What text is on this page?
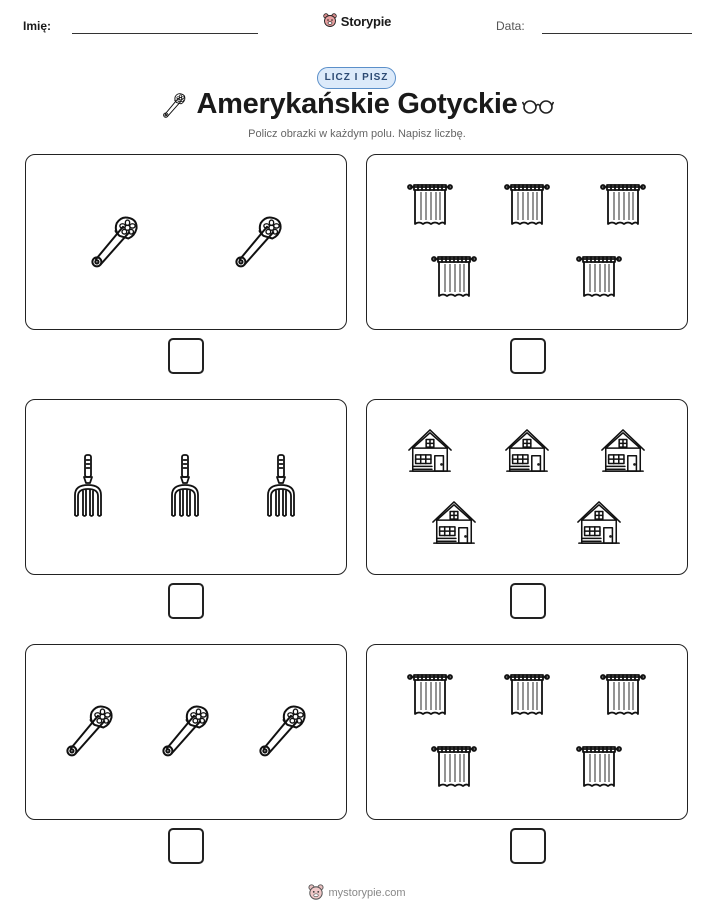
Imię:	Storypie	Data:
LICZ I PISZ
Amerykańskie Gotyckie
Policz obrazki w każdym polu. Napisz liczbę.
mystorypie.com
